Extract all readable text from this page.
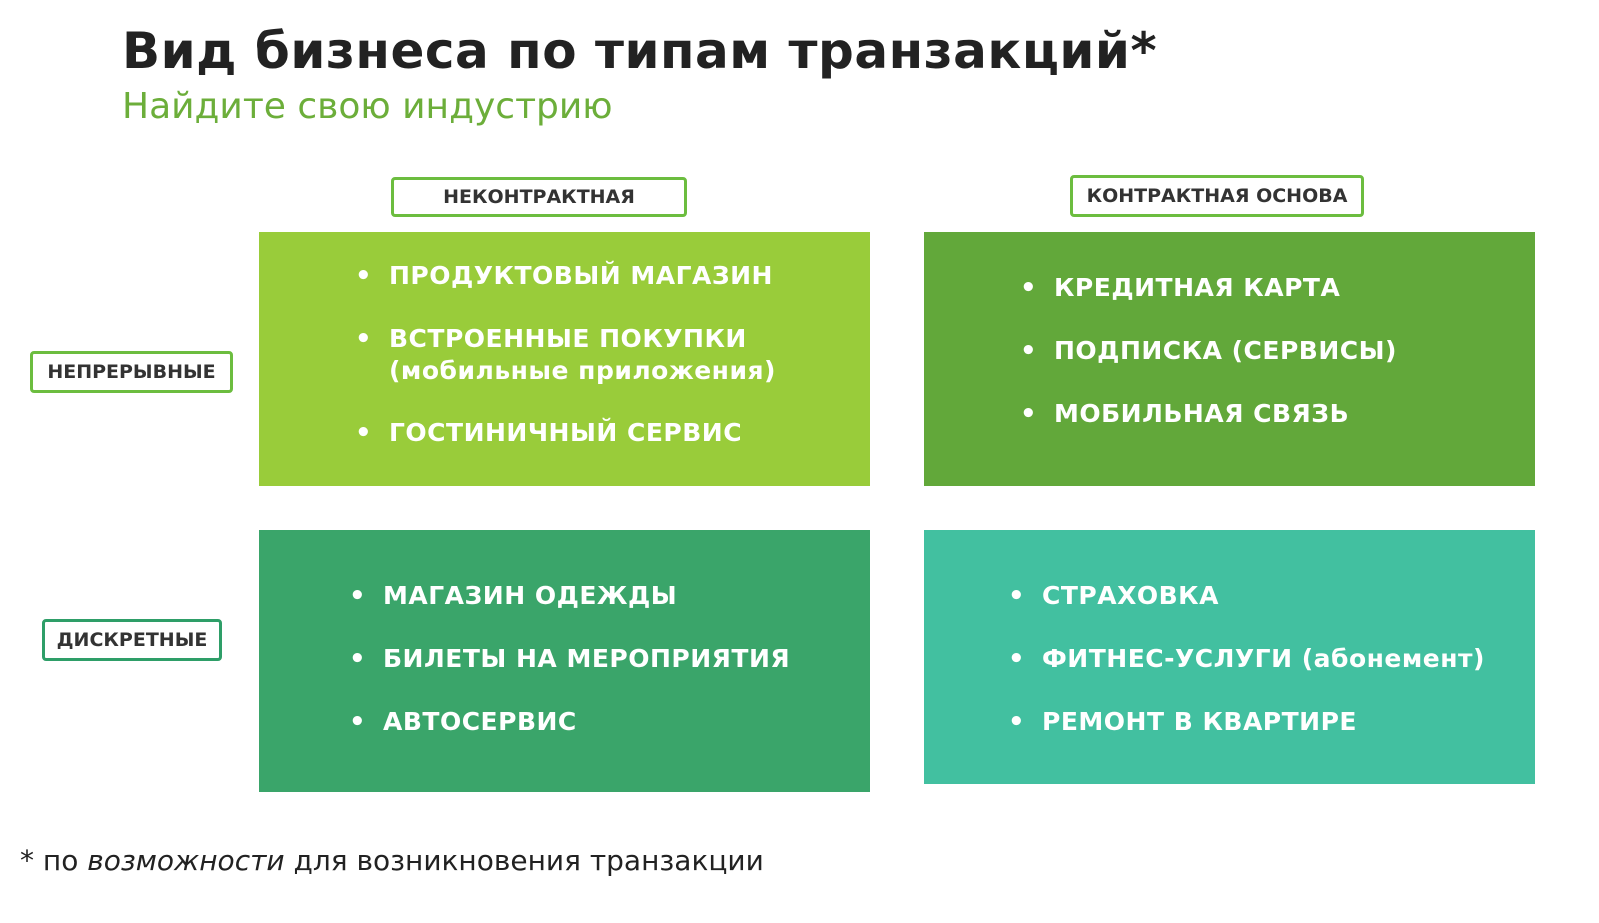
Вид бизнеса по типам транзакций*
Найдите свою индустрию
НЕКОНТРАКТНАЯ	КОНТРАКТНАЯ ОСНОВА
НЕПРЕРЫВНЫЕ
ДИСКРЕТНЫЕ
• ПРОДУКТОВЫЙ МАГАЗИН
• ВСТРОЕННЫЕ ПОКУПКИ
(мобильные приложения)
• ГОСТИНИЧНЫЙ СЕРВИС
• КРЕДИТНАЯ КАРТА
• ПОДПИСКА (СЕРВИСЫ)
• МОБИЛЬНАЯ СВЯЗЬ
• МАГАЗИН ОДЕЖДЫ
• БИЛЕТЫ НА МЕРОПРИЯТИЯ
• АВТОСЕРВИС
• СТРАХОВКА
• ФИТНЕС-УСЛУГИ (абонемент)
• РЕМОНТ В КВАРТИРЕ
* по возможности для возникновения транзакции
